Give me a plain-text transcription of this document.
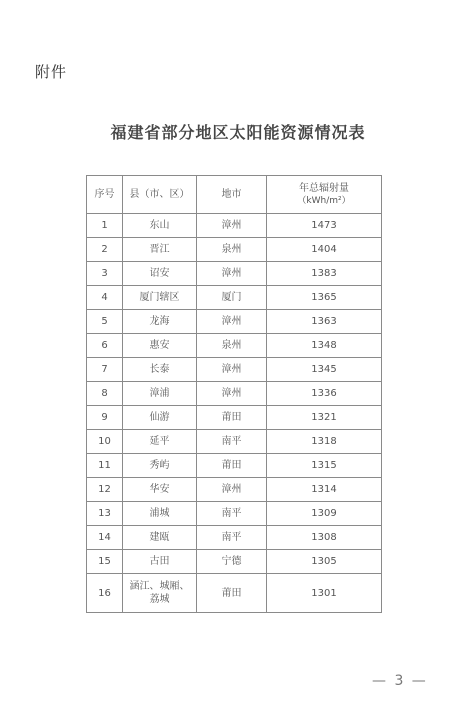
附件
福建省部分地区太阳能资源情况表
序号	县（市、区）	地市	年总辐射量
（kWh/m²）

1	东山	漳州	1473
2	晋江	泉州	1404
3	诏安	漳州	1383
4	厦门辖区	厦门	1365
5	龙海	漳州	1363
6	惠安	泉州	1348
7	长泰	漳州	1345
8	漳浦	漳州	1336
9	仙游	莆田	1321
10	延平	南平	1318
11	秀屿	莆田	1315
12	华安	漳州	1314
13	浦城	南平	1309
14	建瓯	南平	1308
15	古田	宁德	1305
16	涵江、城厢、荔城	莆田	1301
— 3 —
